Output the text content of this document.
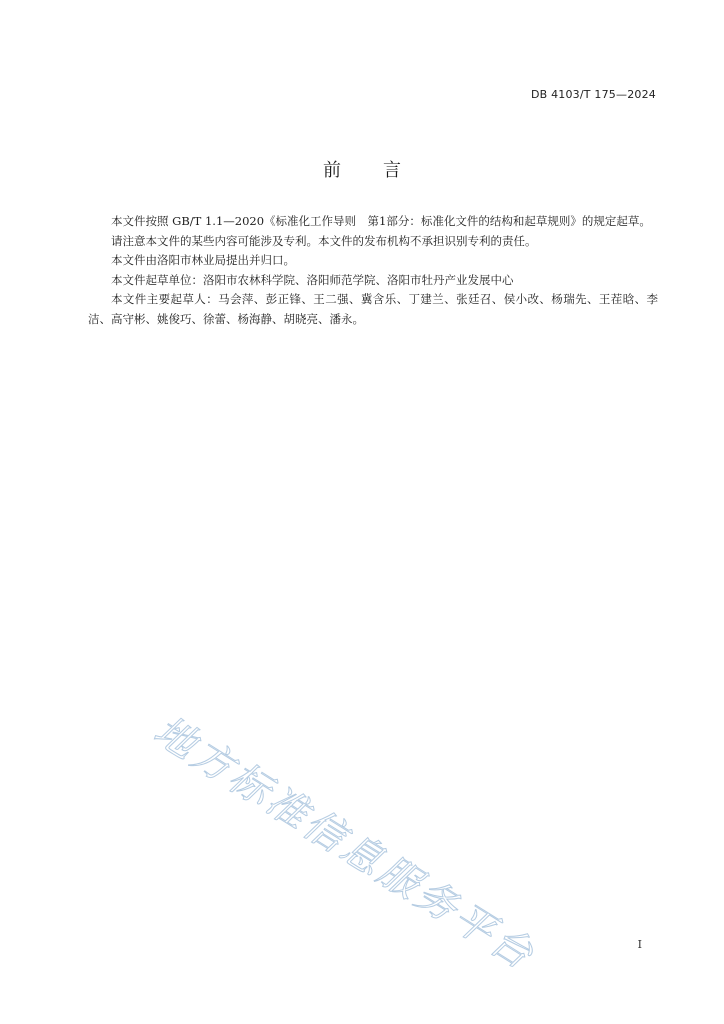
DB 4103/T 175—2024
前言

本文件按照 GB/T 1.1—2020《标准化工作导则　第1部分：标准化文件的结构和起草规则》的规定起草。

请注意本文件的某些内容可能涉及专利。本文件的发布机构不承担识别专利的责任。

本文件由洛阳市林业局提出并归口。

本文件起草单位：洛阳市农林科学院、洛阳师范学院、洛阳市牡丹产业发展中心

本文件主要起草人：马会萍、彭正锋、王二强、冀含乐、丁建兰、张廷召、侯小改、杨瑞先、王茬晗、李洁、高守彬、姚俊巧、徐蕾、杨海静、胡晓亮、潘永。

地方标准信息服务平台	I
